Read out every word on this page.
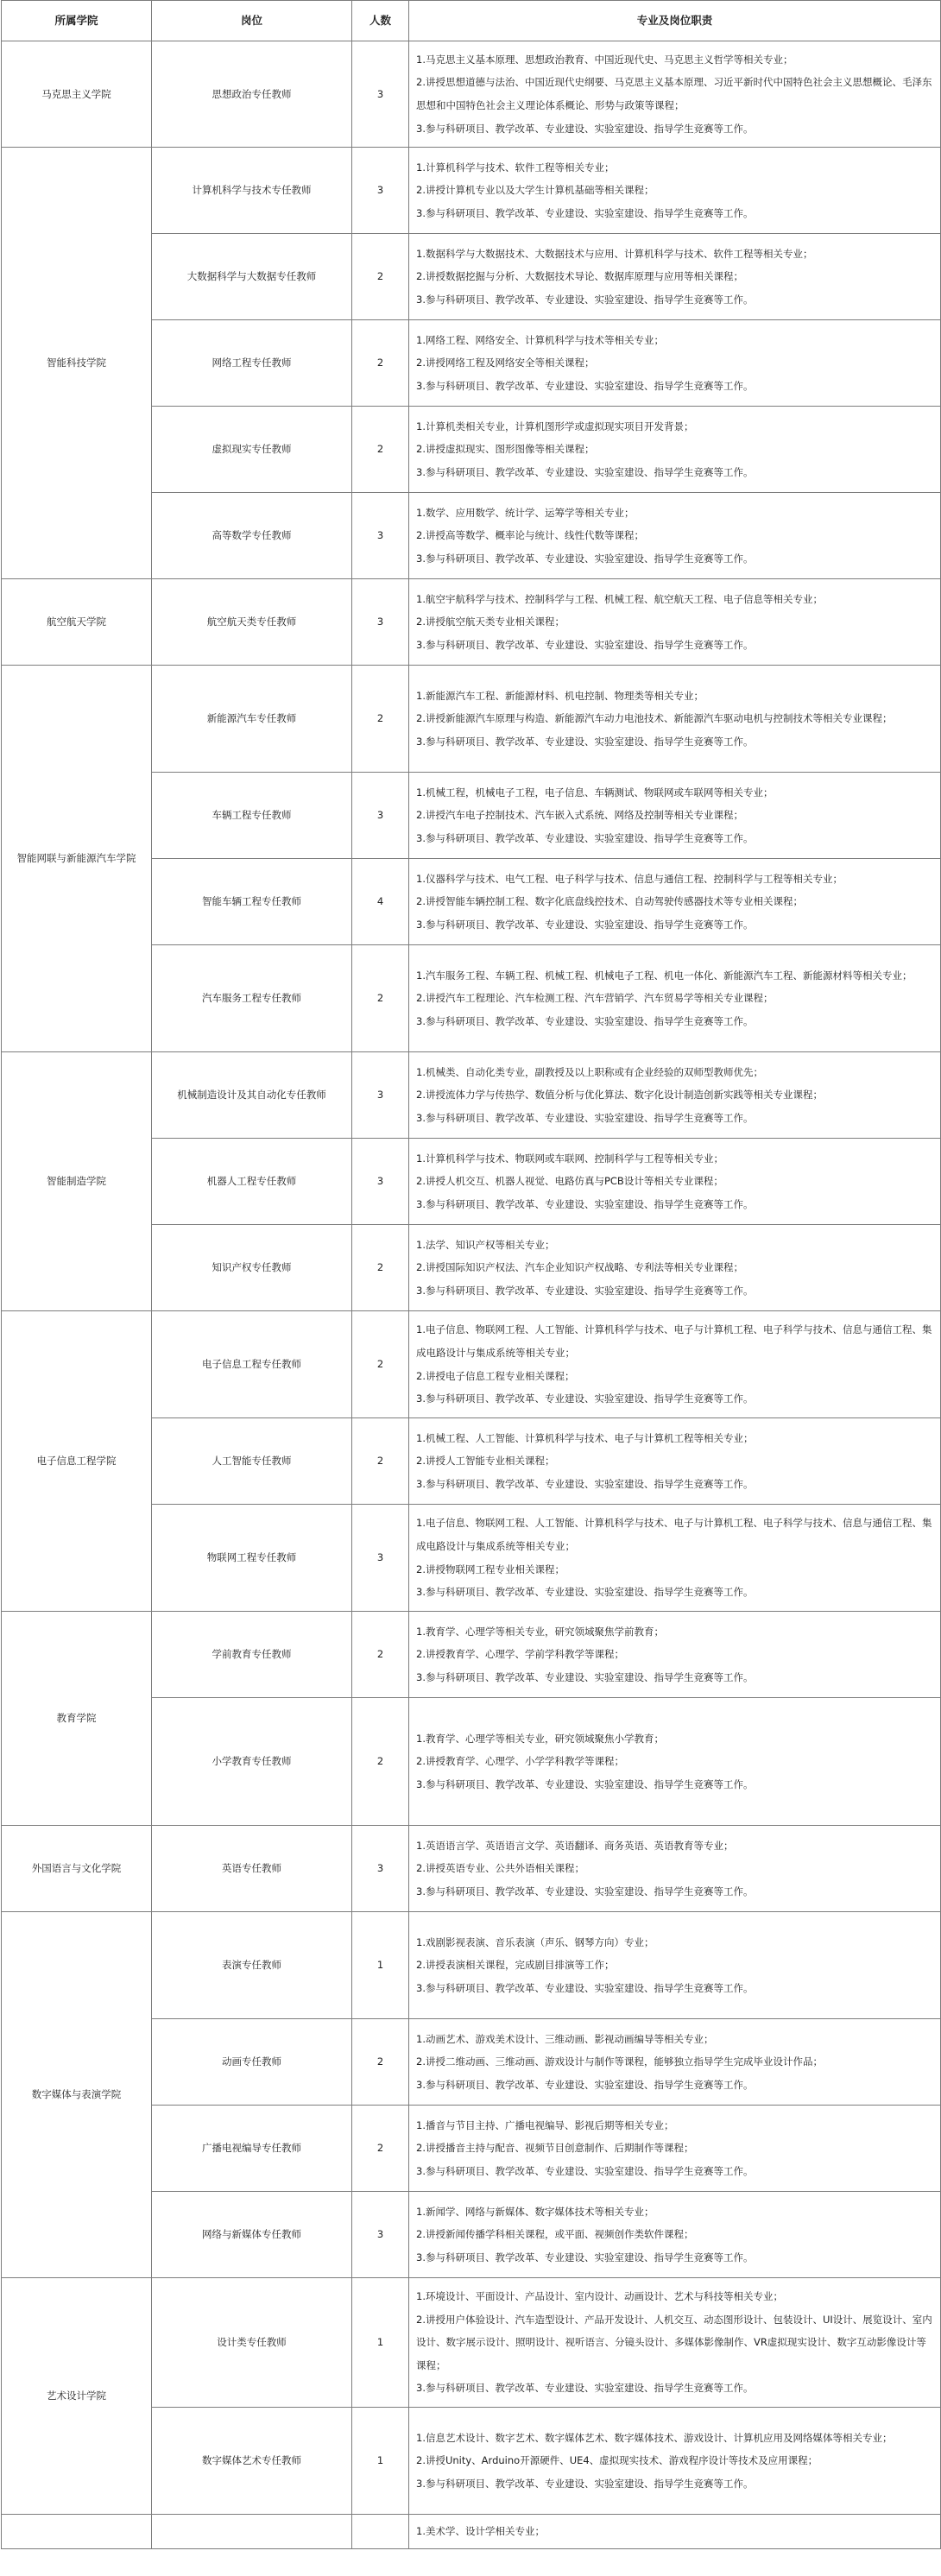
所属学院	岗位	人数	专业及岗位职责
马克思主义学院	思想政治专任教师	3	1.马克思主义基本原理、思想政治教育、中国近现代史、马克思主义哲学等相关专业；
2.讲授思想道德与法治、中国近现代史纲要、马克思主义基本原理、习近平新时代中国特色社会主义思想概论、毛泽东思想和中国特色社会主义理论体系概论、形势与政策等课程；
3.参与科研项目、教学改革、专业建设、实验室建设、指导学生竞赛等工作。

智能科技学院	计算机科学与技术专任教师	3	1.计算机科学与技术、软件工程等相关专业；
2.讲授计算机专业以及大学生计算机基础等相关课程；
3.参与科研项目、教学改革、专业建设、实验室建设、指导学生竞赛等工作。

	大数据科学与大数据专任教师	2	1.数据科学与大数据技术、大数据技术与应用、计算机科学与技术、软件工程等相关专业；
2.讲授数据挖掘与分析、大数据技术导论、数据库原理与应用等相关课程；
3.参与科研项目、教学改革、专业建设、实验室建设、指导学生竞赛等工作。

	网络工程专任教师	2	1.网络工程、网络安全、计算机科学与技术等相关专业；
2.讲授网络工程及网络安全等相关课程；
3.参与科研项目、教学改革、专业建设、实验室建设、指导学生竞赛等工作。

	虚拟现实专任教师	2	1.计算机类相关专业，计算机图形学或虚拟现实项目开发背景；
2.讲授虚拟现实、图形图像等相关课程；
3.参与科研项目、教学改革、专业建设、实验室建设、指导学生竞赛等工作。

	高等数学专任教师	3	1.数学、应用数学、统计学、运筹学等相关专业；
2.讲授高等数学、概率论与统计、线性代数等课程；
3.参与科研项目、教学改革、专业建设、实验室建设、指导学生竞赛等工作。

航空航天学院	航空航天类专任教师	3	1.航空宇航科学与技术、控制科学与工程、机械工程、航空航天工程、电子信息等相关专业；
2.讲授航空航天类专业相关课程；
3.参与科研项目、教学改革、专业建设、实验室建设、指导学生竞赛等工作。

智能网联与新能源汽车学院	新能源汽车专任教师	2	1.新能源汽车工程、新能源材料、机电控制、物理类等相关专业；
2.讲授新能源汽车原理与构造、新能源汽车动力电池技术、新能源汽车驱动电机与控制技术等相关专业课程；
3.参与科研项目、教学改革、专业建设、实验室建设、指导学生竞赛等工作。

	车辆工程专任教师	3	1.机械工程，机械电子工程，电子信息、车辆测试、物联网或车联网等相关专业；
2.讲授汽车电子控制技术、汽车嵌入式系统、网络及控制等相关专业课程；
3.参与科研项目、教学改革、专业建设、实验室建设、指导学生竞赛等工作。

	智能车辆工程专任教师	4	1.仪器科学与技术、电气工程、电子科学与技术、信息与通信工程、控制科学与工程等相关专业；
2.讲授智能车辆控制工程、数字化底盘线控技术、自动驾驶传感器技术等专业相关课程；
3.参与科研项目、教学改革、专业建设、实验室建设、指导学生竞赛等工作。

	汽车服务工程专任教师	2	1.汽车服务工程、车辆工程、机械工程、机械电子工程、机电一体化、新能源汽车工程、新能源材料等相关专业；
2.讲授汽车工程理论、汽车检测工程、汽车营销学、汽车贸易学等相关专业课程；
3.参与科研项目、教学改革、专业建设、实验室建设、指导学生竞赛等工作。

智能制造学院	机械制造设计及其自动化专任教师	3	1.机械类、自动化类专业，副教授及以上职称或有企业经验的双师型教师优先；
2.讲授流体力学与传热学、数值分析与优化算法、数字化设计制造创新实践等相关专业课程；
3.参与科研项目、教学改革、专业建设、实验室建设、指导学生竞赛等工作。

	机器人工程专任教师	3	1.计算机科学与技术、物联网或车联网、控制科学与工程等相关专业；
2.讲授人机交互、机器人视觉、电路仿真与PCB设计等相关专业课程；
3.参与科研项目、教学改革、专业建设、实验室建设、指导学生竞赛等工作。

	知识产权专任教师	2	1.法学、知识产权等相关专业；
2.讲授国际知识产权法、汽车企业知识产权战略、专利法等相关专业课程；
3.参与科研项目、教学改革、专业建设、实验室建设、指导学生竞赛等工作。

电子信息工程学院	电子信息工程专任教师	2	1.电子信息、物联网工程、人工智能、计算机科学与技术、电子与计算机工程、电子科学与技术、信息与通信工程、集成电路设计与集成系统等相关专业；
2.讲授电子信息工程专业相关课程；
3.参与科研项目、教学改革、专业建设、实验室建设、指导学生竞赛等工作。

	人工智能专任教师	2	1.机械工程、人工智能、计算机科学与技术、电子与计算机工程等相关专业；
2.讲授人工智能专业相关课程；
3.参与科研项目、教学改革、专业建设、实验室建设、指导学生竞赛等工作。

	物联网工程专任教师	3	1.电子信息、物联网工程、人工智能、计算机科学与技术、电子与计算机工程、电子科学与技术、信息与通信工程、集成电路设计与集成系统等相关专业；
2.讲授物联网工程专业相关课程；
3.参与科研项目、教学改革、专业建设、实验室建设、指导学生竞赛等工作。

教育学院	学前教育专任教师	2	1.教育学、心理学等相关专业，研究领域聚焦学前教育；
2.讲授教育学、心理学、学前学科教学等课程；
3.参与科研项目、教学改革、专业建设、实验室建设、指导学生竞赛等工作。

	小学教育专任教师	2	1.教育学、心理学等相关专业，研究领域聚焦小学教育；
2.讲授教育学、心理学、小学学科教学等课程；
3.参与科研项目、教学改革、专业建设、实验室建设、指导学生竞赛等工作。

外国语言与文化学院	英语专任教师	3	1.英语语言学、英语语言文学、英语翻译、商务英语、英语教育等专业；
2.讲授英语专业、公共外语相关课程；
3.参与科研项目、教学改革、专业建设、实验室建设、指导学生竞赛等工作。

数字媒体与表演学院	表演专任教师	1	1.戏剧影视表演、音乐表演（声乐、钢琴方向）专业；
2.讲授表演相关课程，完成剧目排演等工作；
3.参与科研项目、教学改革、专业建设、实验室建设、指导学生竞赛等工作。

	动画专任教师	2	1.动画艺术、游戏美术设计、三维动画、影视动画编导等相关专业；
2.讲授二维动画、三维动画、游戏设计与制作等课程，能够独立指导学生完成毕业设计作品；
3.参与科研项目、教学改革、专业建设、实验室建设、指导学生竞赛等工作。

	广播电视编导专任教师	2	1.播音与节目主持、广播电视编导、影视后期等相关专业；
2.讲授播音主持与配音、视频节目创意制作、后期制作等课程；
3.参与科研项目、教学改革、专业建设、实验室建设、指导学生竞赛等工作。

	网络与新媒体专任教师	3	1.新闻学、网络与新媒体、数字媒体技术等相关专业；
2.讲授新闻传播学科相关课程，或平面、视频创作类软件课程；
3.参与科研项目、教学改革、专业建设、实验室建设、指导学生竞赛等工作。

艺术设计学院	设计类专任教师	1	1.环境设计、平面设计、产品设计、室内设计、动画设计、艺术与科技等相关专业；
2.讲授用户体验设计、汽车造型设计、产品开发设计、人机交互、动态图形设计、包装设计、UI设计、展览设计、室内设计、数字展示设计、照明设计、视听语言、分镜头设计、多媒体影像制作、VR虚拟现实设计、数字互动影像设计等课程；
3.参与科研项目、教学改革、专业建设、实验室建设、指导学生竞赛等工作。

	数字媒体艺术专任教师	1	1.信息艺术设计、数字艺术、数字媒体艺术、数字媒体技术、游戏设计、计算机应用及网络媒体等相关专业；
2.讲授Unity、Arduino开源硬件、UE4、虚拟现实技术、游戏程序设计等技术及应用课程；
3.参与科研项目、教学改革、专业建设、实验室建设、指导学生竞赛等工作。

			1.美术学、设计学相关专业；
